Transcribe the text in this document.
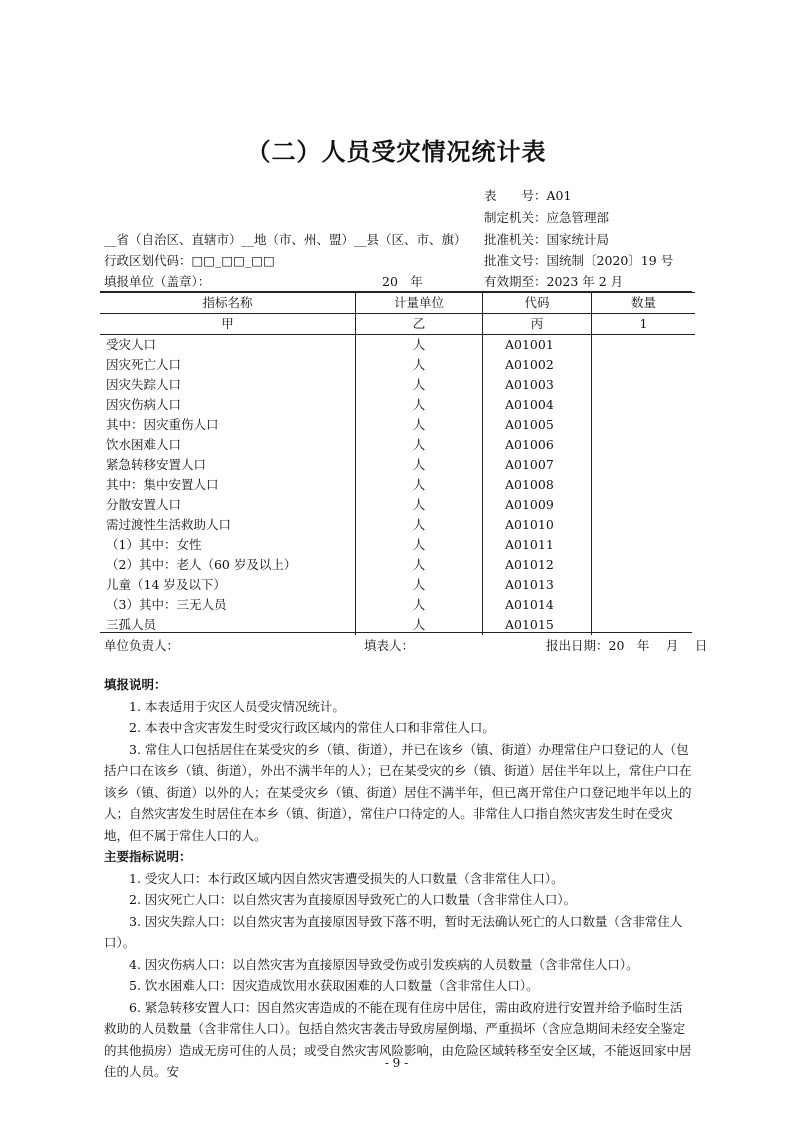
（二）人员受灾情况统计表
表　　号：A01
制定机关：应急管理部
批准机关：国家统计局
批准文号：国统制〔2020〕19 号
有效期至：2023 年 2 月
__省（自治区、直辖市）__地（市、州、盟）__县（区、市、旗）
行政区划代码：□□_□□_□□
填报单位（盖章）：	20　年
指标名称	计量单位	代码	数量
甲	乙	丙	1
受灾人口	人	A01001	
因灾死亡人口	人	A01002	
因灾失踪人口	人	A01003	
因灾伤病人口	人	A01004	
其中：因灾重伤人口	人	A01005	
饮水困难人口	人	A01006	
紧急转移安置人口	人	A01007	
其中：集中安置人口	人	A01008	
分散安置人口	人	A01009	
需过渡性生活救助人口	人	A01010	
（1）其中：女性	人	A01011	
（2）其中：老人（60 岁及以上）	人	A01012	
儿童（14 岁及以下）	人	A01013	
（3）其中：三无人员	人	A01014	
三孤人员	人	A01015	
单位负责人：	填表人：	报出日期：20　年　 月　 日

填报说明：

1. 本表适用于灾区人员受灾情况统计。

2. 本表中含灾害发生时受灾行政区域内的常住人口和非常住人口。

3. 常住人口包括居住在某受灾的乡（镇、街道），并已在该乡（镇、街道）办理常住户口登记的人（包括户口在该乡（镇、街道），外出不满半年的人）；已在某受灾的乡（镇、街道）居住半年以上，常住户口在该乡（镇、街道）以外的人；在某受灾乡（镇、街道）居住不满半年，但已离开常住户口登记地半年以上的人；自然灾害发生时居住在本乡（镇、街道），常住户口待定的人。非常住人口指自然灾害发生时在受灾地，但不属于常住人口的人。

主要指标说明：

1. 受灾人口：本行政区域内因自然灾害遭受损失的人口数量（含非常住人口）。

2. 因灾死亡人口：以自然灾害为直接原因导致死亡的人口数量（含非常住人口）。

3. 因灾失踪人口：以自然灾害为直接原因导致下落不明，暂时无法确认死亡的人口数量（含非常住人口）。

4. 因灾伤病人口：以自然灾害为直接原因导致受伤或引发疾病的人员数量（含非常住人口）。

5. 饮水困难人口：因灾造成饮用水获取困难的人口数量（含非常住人口）。

6. 紧急转移安置人口：因自然灾害造成的不能在现有住房中居住，需由政府进行安置并给予临时生活救助的人员数量（含非常住人口）。包括自然灾害袭击导致房屋倒塌、严重损坏（含应急期间未经安全鉴定的其他损房）造成无房可住的人员；或受自然灾害风险影响，由危险区域转移至安全区域，不能返回家中居住的人员。安

- 9 -
